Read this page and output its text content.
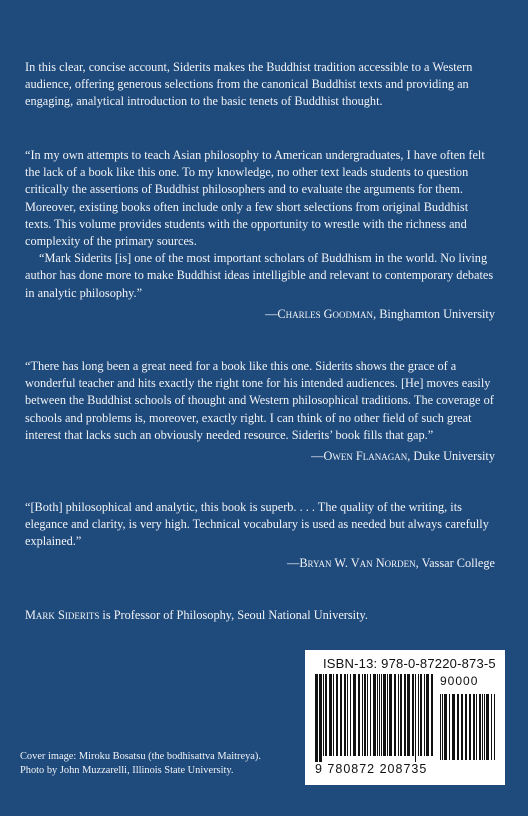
In this clear, concise account, Siderits makes the Buddhist tradition accessible to a Western audience, offering generous selections from the canonical Buddhist texts and providing an engaging, analytical introduction to the basic tenets of Buddhist thought.

“In my own attempts to teach Asian philosophy to American undergraduates, I have often felt the lack of a book like this one. To my knowledge, no other text leads students to question critically the assertions of Buddhist philosophers and to evaluate the arguments for them. Moreover, existing books often include only a few short selections from original Buddhist texts. This volume provides students with the opportunity to wrestle with the richness and complexity of the primary sources.

“Mark Siderits [is] one of the most important scholars of Buddhism in the world. No living author has done more to make Buddhist ideas intelligible and relevant to contemporary debates in analytic philosophy.”

—Charles Goodman, Binghamton University

“There has long been a great need for a book like this one. Siderits shows the grace of a wonderful teacher and hits exactly the right tone for his intended audiences. [He] moves easily between the Buddhist schools of thought and Western philosophical traditions. The coverage of schools and problems is, moreover, exactly right. I can think of no other field of such great interest that lacks such an obviously needed resource. Siderits’ book fills that gap.”

—Owen Flanagan, Duke University

“[Both] philosophical and analytic, this book is superb. . . . The quality of the writing, its elegance and clarity, is very high. Technical vocabulary is used as needed but always carefully explained.”

—Bryan W. Van Norden, Vassar College

Mark Siderits is Professor of Philosophy, Seoul National University.

Cover image: Miroku Bosatsu (the bodhisattva Maitreya).
Photo by John Muzzarelli, Illinois State University.
ISBN-13: 978-0-87220-873-5
90000
9 780872 208735
